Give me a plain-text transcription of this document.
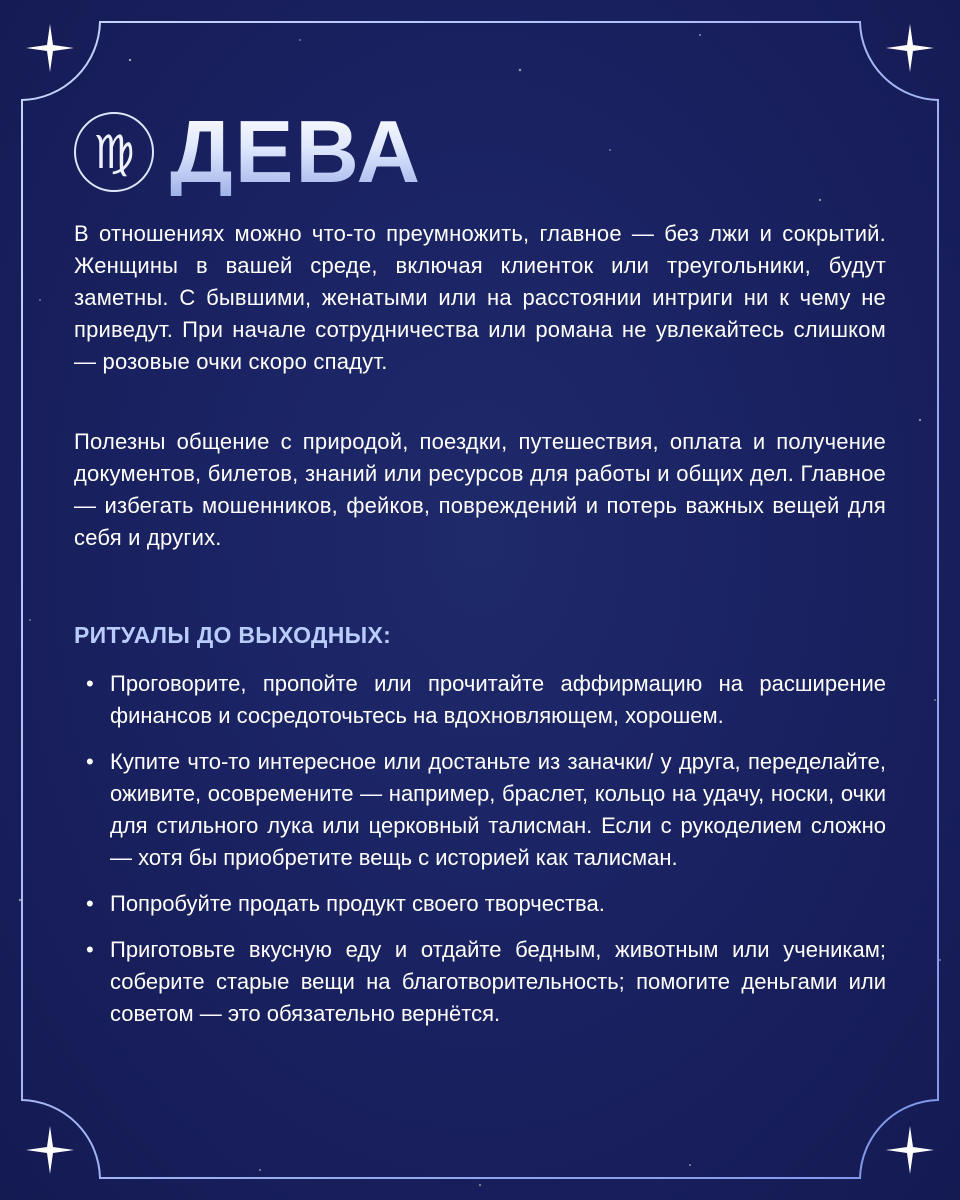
♍ ДЕВА

В отношениях можно что-то преумножить, главное — без лжи и сокрытий. Женщины в вашей среде, включая клиенток или треугольники, будут заметны. С бывшими, женатыми или на расстоянии интриги ни к чему не приведут. При начале сотрудничества или романа не увлекайтесь слишком — розовые очки скоро спадут.

Полезны общение с природой, поездки, путешествия, оплата и получение документов, билетов, знаний или ресурсов для работы и общих дел. Главное — избегать мошенников, фейков, повреждений и потерь важных вещей для себя и других.

РИТУАЛЫ ДО ВЫХОДНЫХ:
• Проговорите, пропойте или прочитайте аффирмацию на расширение финансов и сосредоточьтесь на вдохновляющем, хорошем.
• Купите что-то интересное или достаньте из заначки/ у друга, переделайте, оживите, осовремените — например, браслет, кольцо на удачу, носки, очки для стильного лука или церковный талисман. Если с рукоделием сложно — хотя бы приобретите вещь с историей как талисман.
• Попробуйте продать продукт своего творчества.
• Приготовьте вкусную еду и отдайте бедным, животным или ученикам; соберите старые вещи на благотворительность; помогите деньгами или советом — это обязательно вернётся.
